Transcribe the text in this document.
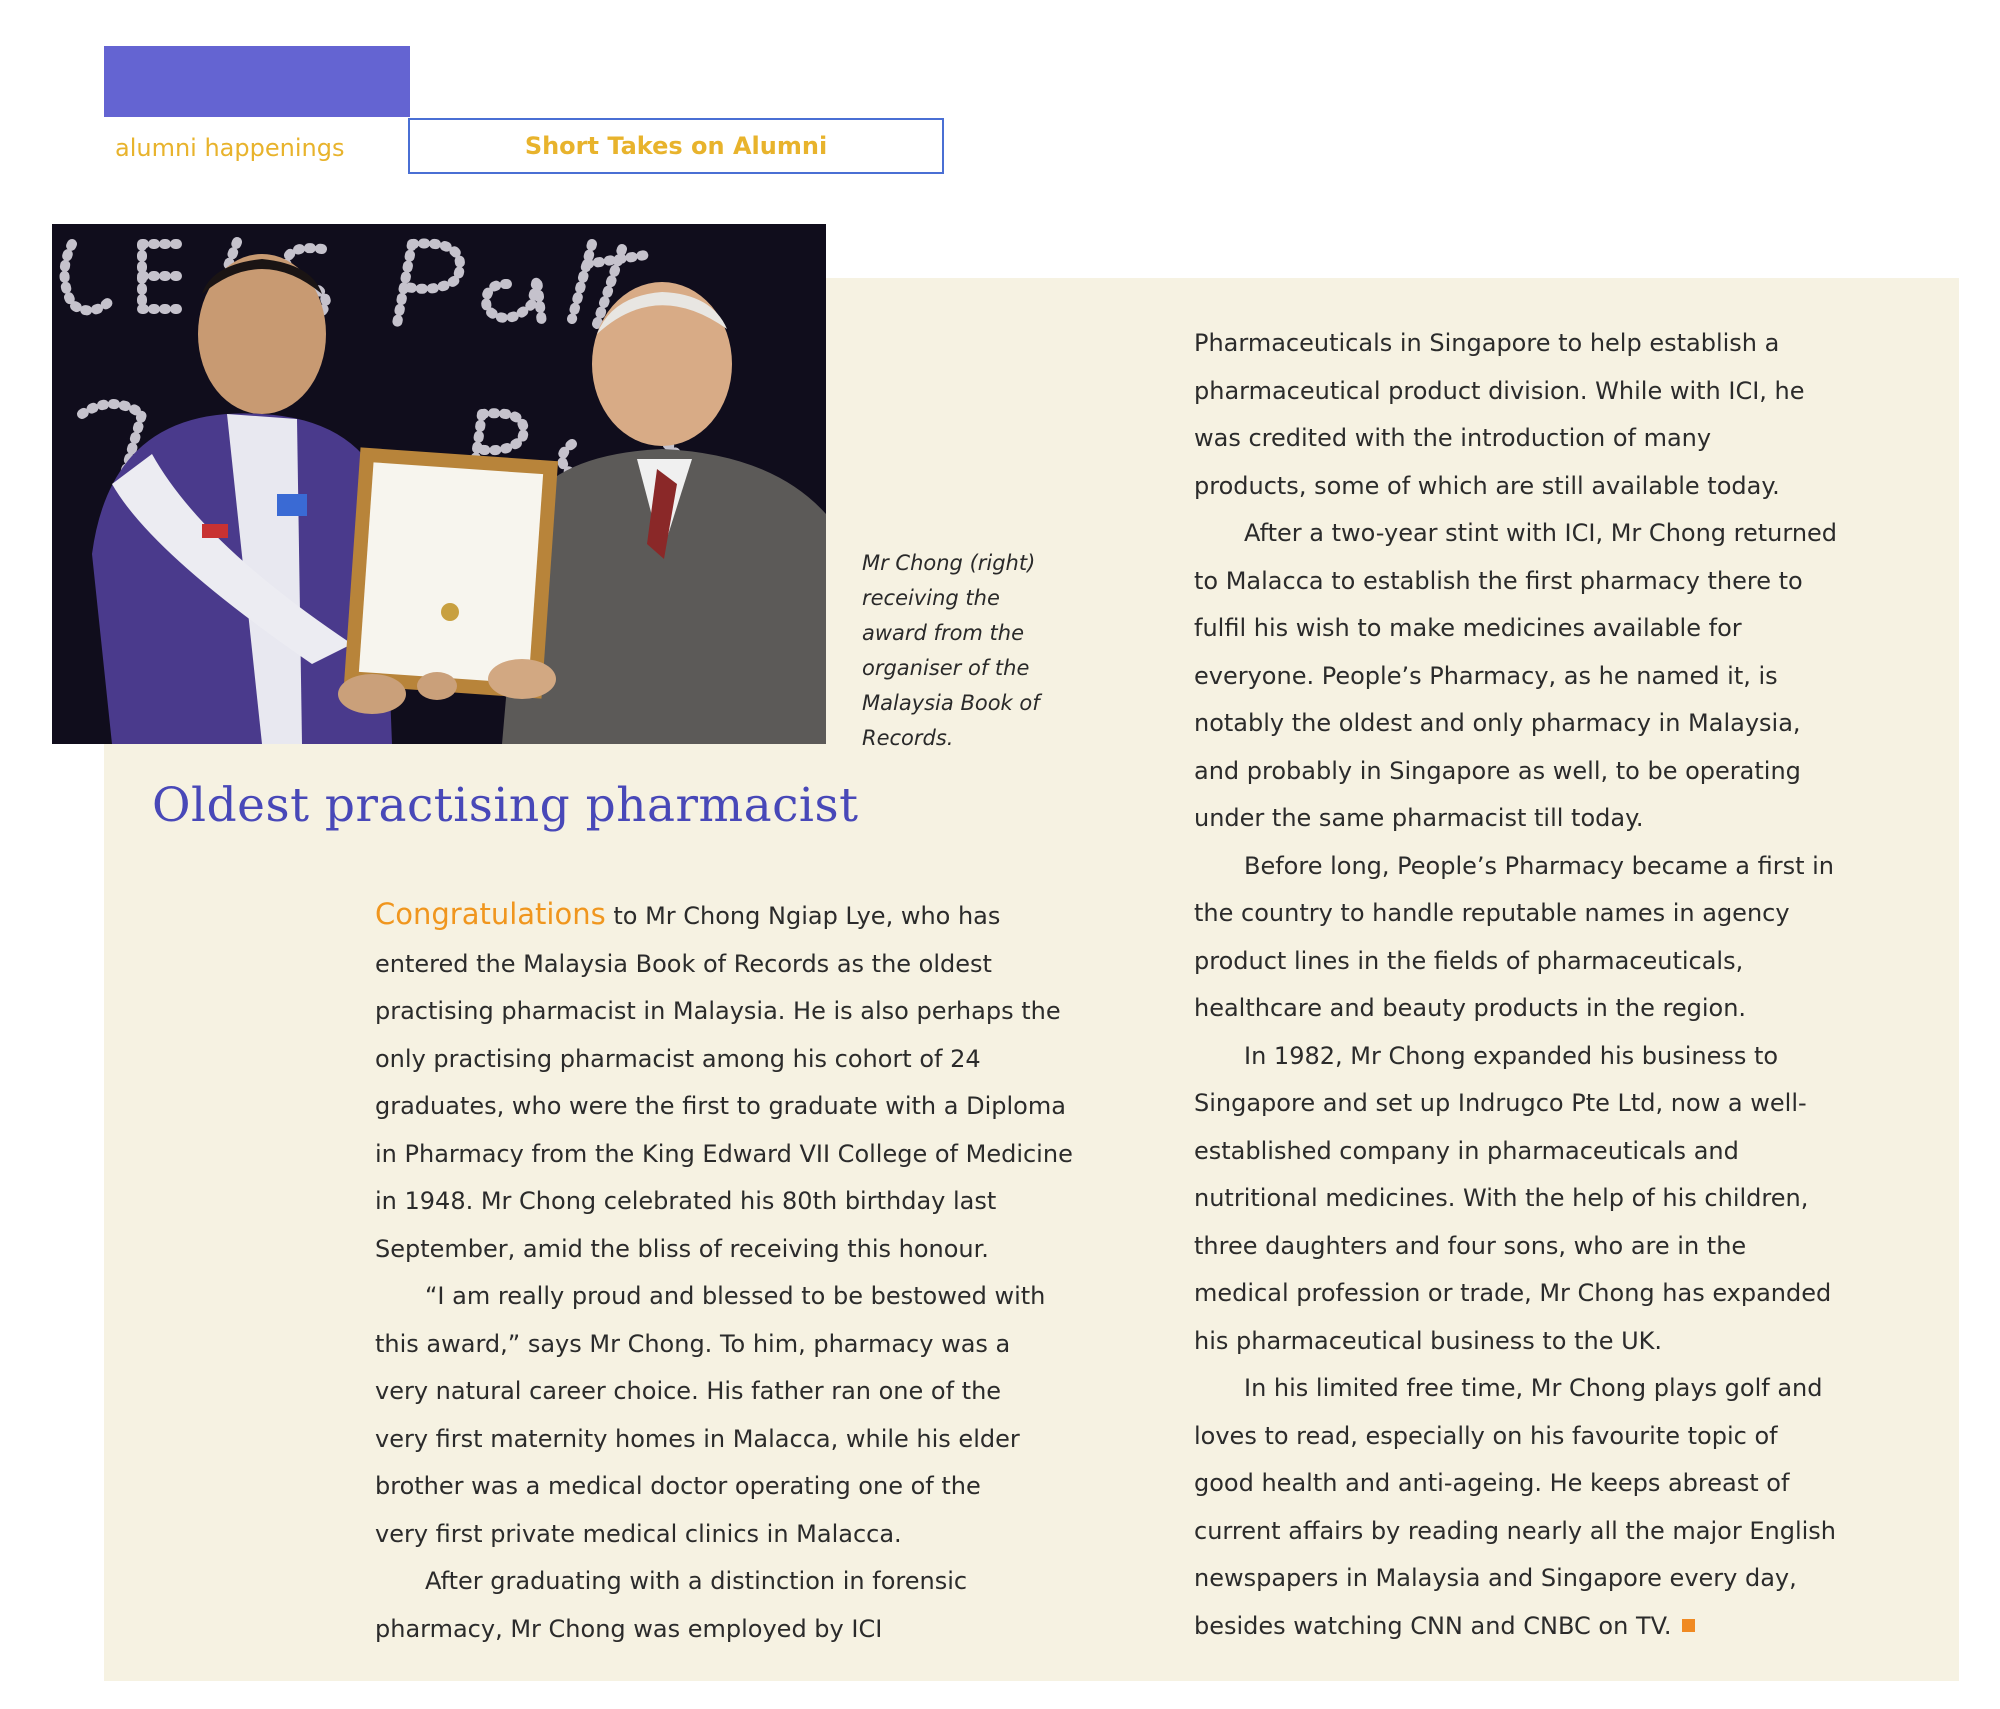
alumni happenings	Short Takes on Alumni
Mr Chong (right)
receiving the
award from the
organiser of the
Malaysia Book of
Records.
Oldest practising pharmacist

Congratulations to Mr Chong Ngiap Lye, who has

entered the Malaysia Book of Records as the oldest

practising pharmacist in Malaysia. He is also perhaps the

only practising pharmacist among his cohort of 24

graduates, who were the first to graduate with a Diploma

in Pharmacy from the King Edward VII College of Medicine

in 1948. Mr Chong celebrated his 80th birthday last

September, amid the bliss of receiving this honour.

“I am really proud and blessed to be bestowed with

this award,” says Mr Chong. To him, pharmacy was a

very natural career choice. His father ran one of the

very first maternity homes in Malacca, while his elder

brother was a medical doctor operating one of the

very first private medical clinics in Malacca.

After graduating with a distinction in forensic

pharmacy, Mr Chong was employed by ICI

Pharmaceuticals in Singapore to help establish a

pharmaceutical product division. While with ICI, he

was credited with the introduction of many

products, some of which are still available today.

After a two-year stint with ICI, Mr Chong returned

to Malacca to establish the first pharmacy there to

fulfil his wish to make medicines available for

everyone. People’s Pharmacy, as he named it, is

notably the oldest and only pharmacy in Malaysia,

and probably in Singapore as well, to be operating

under the same pharmacist till today.

Before long, People’s Pharmacy became a first in

the country to handle reputable names in agency

product lines in the fields of pharmaceuticals,

healthcare and beauty products in the region.

In 1982, Mr Chong expanded his business to

Singapore and set up Indrugco Pte Ltd, now a well-

established company in pharmaceuticals and

nutritional medicines. With the help of his children,

three daughters and four sons, who are in the

medical profession or trade, Mr Chong has expanded

his pharmaceutical business to the UK.

In his limited free time, Mr Chong plays golf and

loves to read, especially on his favourite topic of

good health and anti-ageing. He keeps abreast of

current affairs by reading nearly all the major English

newspapers in Malaysia and Singapore every day,

besides watching CNN and CNBC on TV.
